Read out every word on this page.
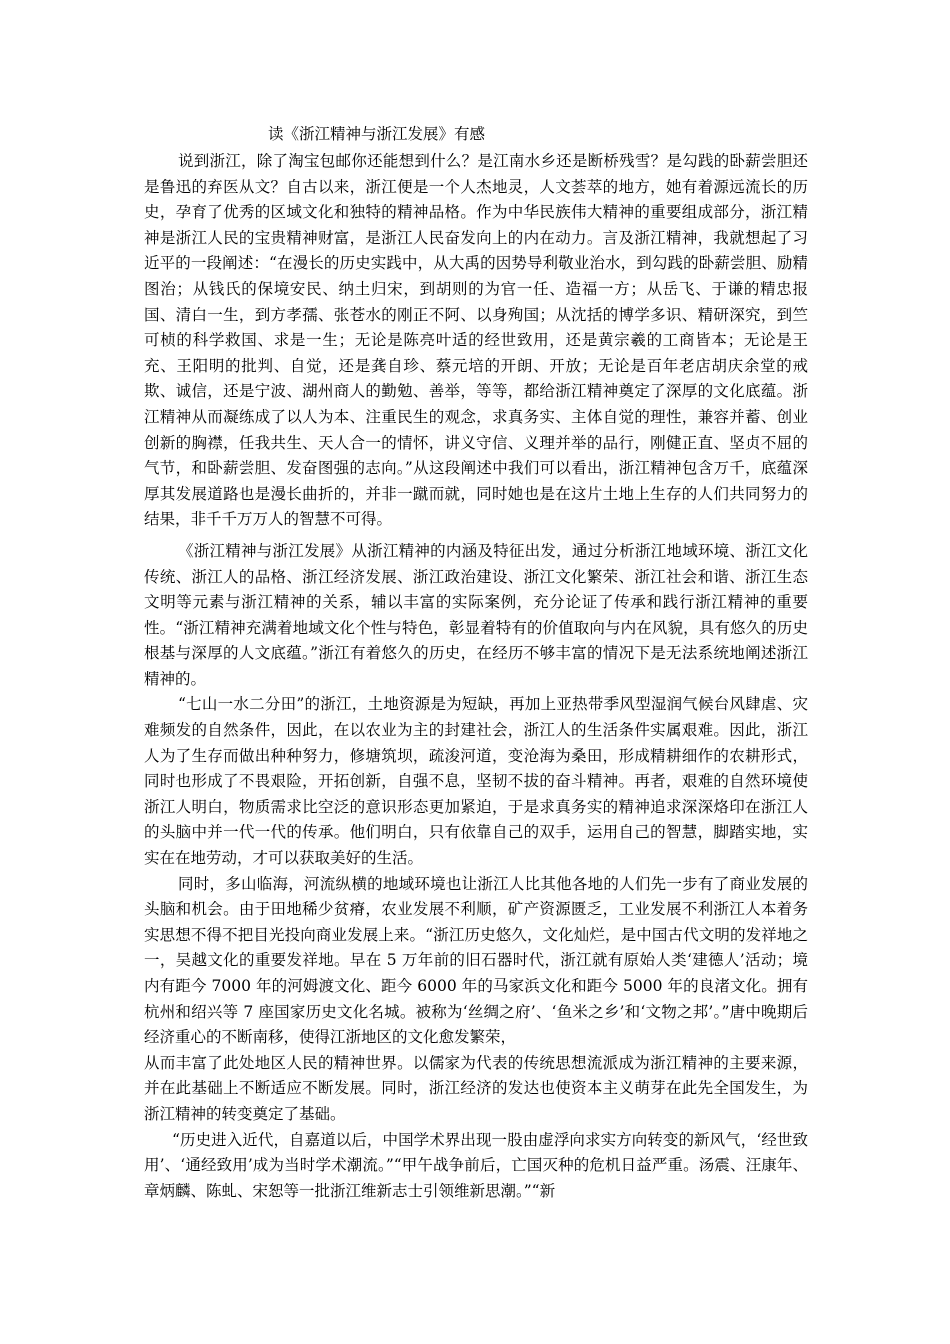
读《浙江精神与浙江发展》有感

说到浙江，除了淘宝包邮你还能想到什么？是江南水乡还是断桥残雪？是勾践的卧薪尝胆还是鲁迅的弃医从文？自古以来，浙江便是一个人杰地灵，人文荟萃的地方，她有着源远流长的历史，孕育了优秀的区域文化和独特的精神品格。作为中华民族伟大精神的重要组成部分，浙江精神是浙江人民的宝贵精神财富，是浙江人民奋发向上的内在动力。言及浙江精神，我就想起了习近平的一段阐述：“在漫长的历史实践中，从大禹的因势导利敬业治水，到勾践的卧薪尝胆、励精图治；从钱氏的保境安民、纳土归宋，到胡则的为官一任、造福一方；从岳飞、于谦的精忠报国、清白一生，到方孝孺、张苍水的刚正不阿、以身殉国；从沈括的博学多识、精研深究，到竺可桢的科学救国、求是一生；无论是陈亮叶适的经世致用，还是黄宗羲的工商皆本；无论是王充、王阳明的批判、自觉，还是龚自珍、蔡元培的开朗、开放；无论是百年老店胡庆余堂的戒欺、诚信，还是宁波、湖州商人的勤勉、善举，等等，都给浙江精神奠定了深厚的文化底蕴。浙江精神从而凝练成了以人为本、注重民生的观念，求真务实、主体自觉的理性，兼容并蓄、创业创新的胸襟，任我共生、天人合一的情怀，讲义守信、义理并举的品行，刚健正直、坚贞不屈的气节，和卧薪尝胆、发奋图强的志向。”从这段阐述中我们可以看出，浙江精神包含万千，底蕴深厚其发展道路也是漫长曲折的，并非一蹴而就，同时她也是在这片土地上生存的人们共同努力的结果，非千千万万人的智慧不可得。

《浙江精神与浙江发展》从浙江精神的内涵及特征出发，通过分析浙江地域环境、浙江文化传统、浙江人的品格、浙江经济发展、浙江政治建设、浙江文化繁荣、浙江社会和谐、浙江生态文明等元素与浙江精神的关系，辅以丰富的实际案例，充分论证了传承和践行浙江精神的重要性。“浙江精神充满着地域文化个性与特色，彰显着特有的价值取向与内在风貌，具有悠久的历史根基与深厚的人文底蕴。”浙江有着悠久的历史，在经历不够丰富的情况下是无法系统地阐述浙江精神的。

“七山一水二分田”的浙江，土地资源是为短缺，再加上亚热带季风型湿润气候台风肆虐、灾难频发的自然条件，因此，在以农业为主的封建社会，浙江人的生活条件实属艰难。因此，浙江人为了生存而做出种种努力，修塘筑坝，疏浚河道，变沧海为桑田，形成精耕细作的农耕形式，同时也形成了不畏艰险，开拓创新，自强不息，坚韧不拔的奋斗精神。再者，艰难的自然环境使浙江人明白，物质需求比空泛的意识形态更加紧迫，于是求真务实的精神追求深深烙印在浙江人的头脑中并一代一代的传承。他们明白，只有依靠自己的双手，运用自己的智慧，脚踏实地，实实在在地劳动，才可以获取美好的生活。

同时，多山临海，河流纵横的地域环境也让浙江人比其他各地的人们先一步有了商业发展的头脑和机会。由于田地稀少贫瘠，农业发展不利顺，矿产资源匮乏，工业发展不利浙江人本着务实思想不得不把目光投向商业发展上来。“浙江历史悠久，文化灿烂，是中国古代文明的发祥地之一，吴越文化的重要发祥地。早在 5 万年前的旧石器时代，浙江就有原始人类‘建德人’活动；境内有距今 7000 年的河姆渡文化、距今 6000 年的马家浜文化和距今 5000 年的良渚文化。拥有杭州和绍兴等 7 座国家历史文化名城。被称为‘丝绸之府’、‘鱼米之乡’和‘文物之邦’。”唐中晚期后经济重心的不断南移，使得江浙地区的文化愈发繁荣，

从而丰富了此处地区人民的精神世界。以儒家为代表的传统思想流派成为浙江精神的主要来源，并在此基础上不断适应不断发展。同时，浙江经济的发达也使资本主义萌芽在此先全国发生，为浙江精神的转变奠定了基础。

“历史进入近代，自嘉道以后，中国学术界出现一股由虚浮向求实方向转变的新风气，‘经世致用’、‘通经致用’成为当时学术潮流。”“甲午战争前后，亡国灭种的危机日益严重。汤震、汪康年、章炳麟、陈虬、宋恕等一批浙江维新志士引领维新思潮。”“新
